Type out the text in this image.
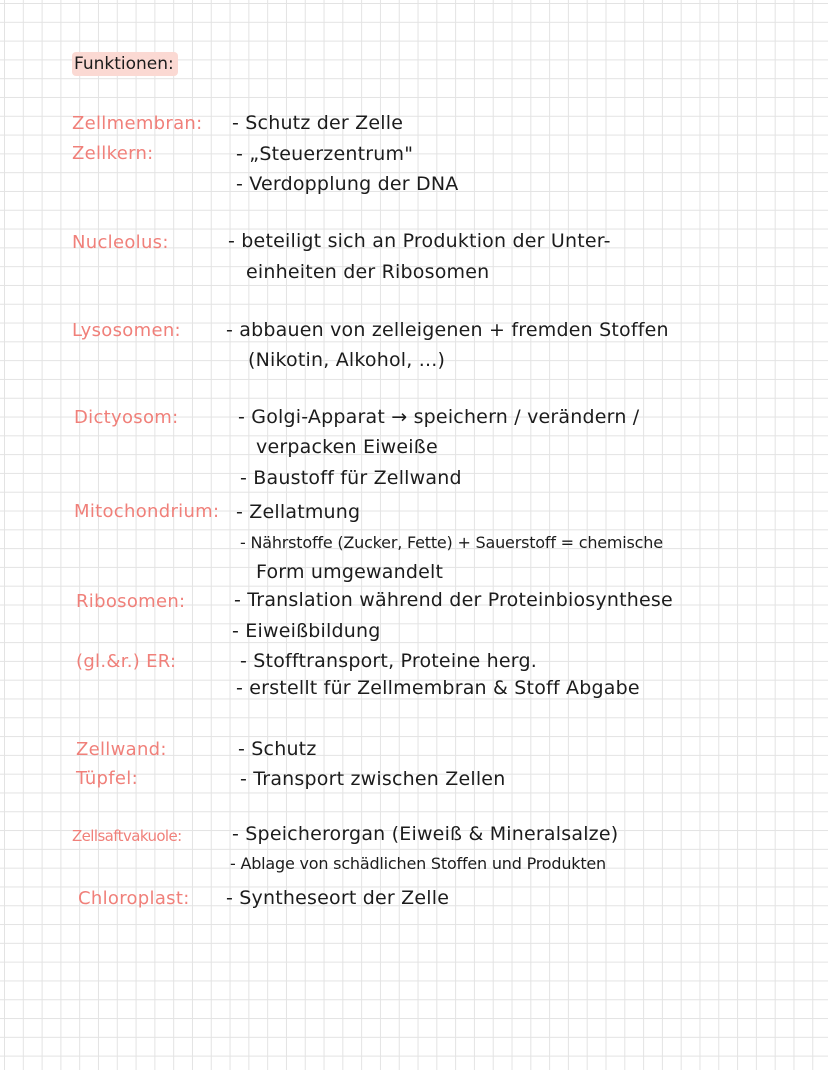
Funktionen:
Zellmembran: - Schutz der Zelle
Zellkern:	- „Steuerzentrum"
- Verdopplung der DNA
Nucleolus:	- beteiligt sich an Produktion der Unter-
einheiten der Ribosomen
Lysosomen: - abbauen von zelleigenen + fremden Stoffen
(Nikotin, Alkohol, ...)
Dictyosom:	- Golgi-Apparat → speichern / verändern /
verpacken Eiweiße
- Baustoff für Zellwand
Mitochondrium: - Zellatmung
- Nährstoffe (Zucker, Fette) + Sauerstoff = chemische
Form umgewandelt
Ribosomen:	- Translation während der Proteinbiosynthese
- Eiweißbildung
(gl.&r.) ER:	- Stofftransport, Proteine herg.
- erstellt für Zellmembran & Stoff Abgabe
Zellwand:	- Schutz
Tüpfel:	- Transport zwischen Zellen
Zellsaftvakuole:	- Speicherorgan (Eiweiß & Mineralsalze)
- Ablage von schädlichen Stoffen und Produkten
Chloroplast: - Syntheseort der Zelle
